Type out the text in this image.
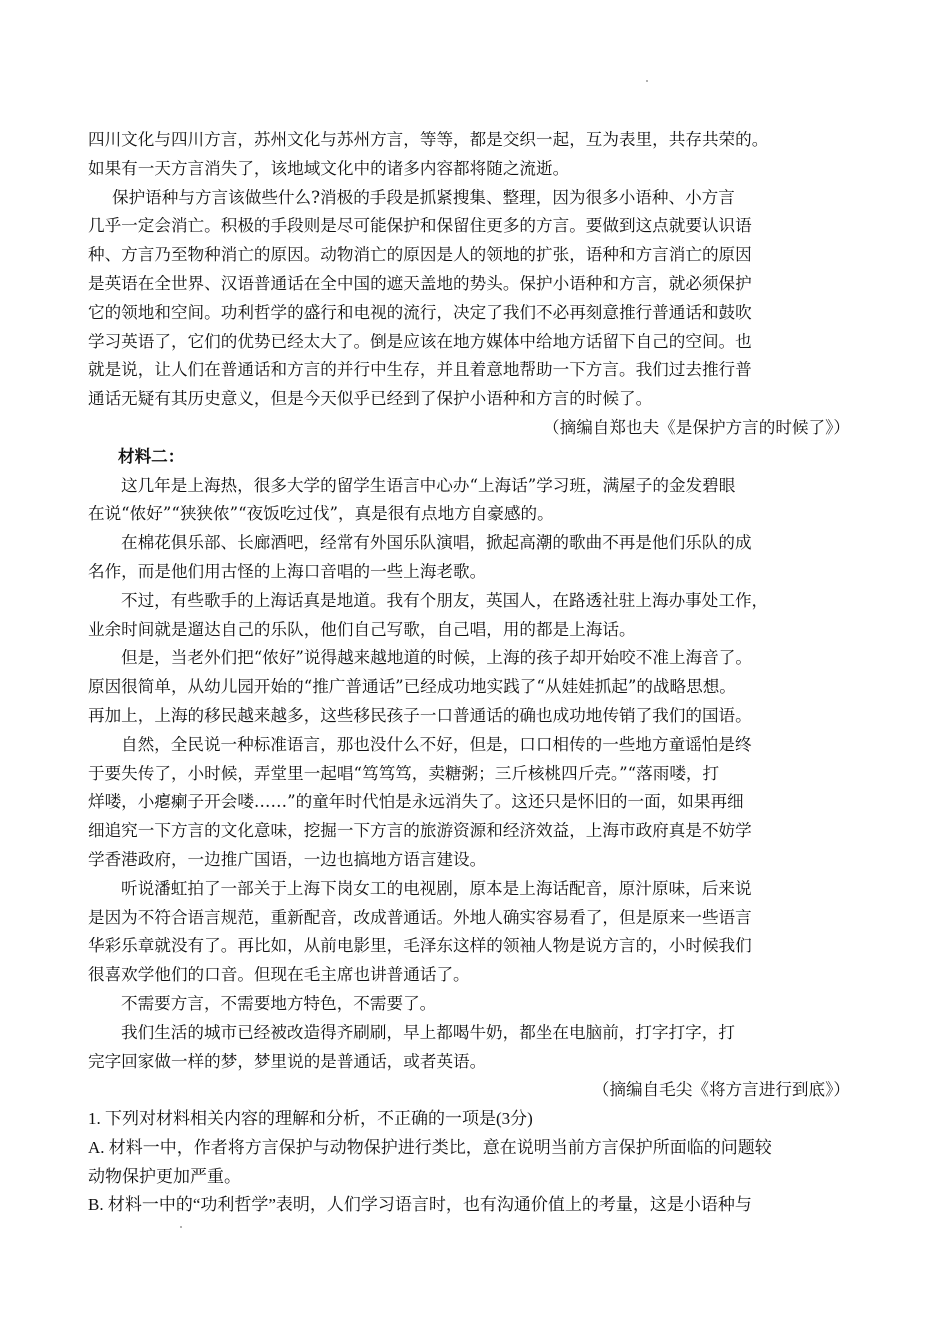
四川文化与四川方言，苏州文化与苏州方言，等等，都是交织一起，互为表里，共存共荣的。
如果有一天方言消失了，该地域文化中的诸多内容都将随之流逝。
保护语种与方言该做些什么?消极的手段是抓紧搜集、整理，因为很多小语种、小方言
几乎一定会消亡。积极的手段则是尽可能保护和保留住更多的方言。要做到这点就要认识语
种、方言乃至物种消亡的原因。动物消亡的原因是人的领地的扩张，语种和方言消亡的原因
是英语在全世界、汉语普通话在全中国的遮天盖地的势头。保护小语种和方言，就必须保护
它的领地和空间。功利哲学的盛行和电视的流行，决定了我们不必再刻意推行普通话和鼓吹
学习英语了，它们的优势已经太大了。倒是应该在地方媒体中给地方话留下自己的空间。也
就是说，让人们在普通话和方言的并行中生存，并且着意地帮助一下方言。我们过去推行普
通话无疑有其历史意义，但是今天似乎已经到了保护小语种和方言的时候了。
（摘编自郑也夫《是保护方言的时候了》）
材料二：
这几年是上海热，很多大学的留学生语言中心办“上海话”学习班，满屋子的金发碧眼
在说“侬好”“狭狭侬”“夜饭吃过伐”，真是很有点地方自豪感的。
在棉花俱乐部、长廊酒吧，经常有外国乐队演唱，掀起高潮的歌曲不再是他们乐队的成
名作，而是他们用古怪的上海口音唱的一些上海老歌。
不过，有些歌手的上海话真是地道。我有个朋友，英国人，在路透社驻上海办事处工作，
业余时间就是遛达自己的乐队，他们自己写歌，自己唱，用的都是上海话。
但是，当老外们把“侬好”说得越来越地道的时候，上海的孩子却开始咬不准上海音了。
原因很简单，从幼儿园开始的“推广普通话”已经成功地实践了“从娃娃抓起”的战略思想。
再加上，上海的移民越来越多，这些移民孩子一口普通话的确也成功地传销了我们的国语。
自然，全民说一种标准语言，那也没什么不好，但是，口口相传的一些地方童谣怕是终
于要失传了，小时候，弄堂里一起唱“笃笃笃，卖糖粥；三斤核桃四斤壳。”“落雨喽，打
烊喽，小瘪瘌子开会喽……”的童年时代怕是永远消失了。这还只是怀旧的一面，如果再细
细追究一下方言的文化意味，挖掘一下方言的旅游资源和经济效益，上海市政府真是不妨学
学香港政府，一边推广国语，一边也搞地方语言建设。
听说潘虹拍了一部关于上海下岗女工的电视剧，原本是上海话配音，原汁原味，后来说
是因为不符合语言规范，重新配音，改成普通话。外地人确实容易看了，但是原来一些语言
华彩乐章就没有了。再比如，从前电影里，毛泽东这样的领袖人物是说方言的，小时候我们
很喜欢学他们的口音。但现在毛主席也讲普通话了。
不需要方言，不需要地方特色，不需要了。
我们生活的城市已经被改造得齐刷刷，早上都喝牛奶，都坐在电脑前，打字打字，打
完字回家做一样的梦，梦里说的是普通话，或者英语。
（摘编自毛尖《将方言进行到底》）
1. 下列对材料相关内容的理解和分析，不正确的一项是(3分)
A. 材料一中，作者将方言保护与动物保护进行类比，意在说明当前方言保护所面临的问题较
动物保护更加严重。
B. 材料一中的“功利哲学”表明，人们学习语言时，也有沟通价值上的考量，这是小语种与
